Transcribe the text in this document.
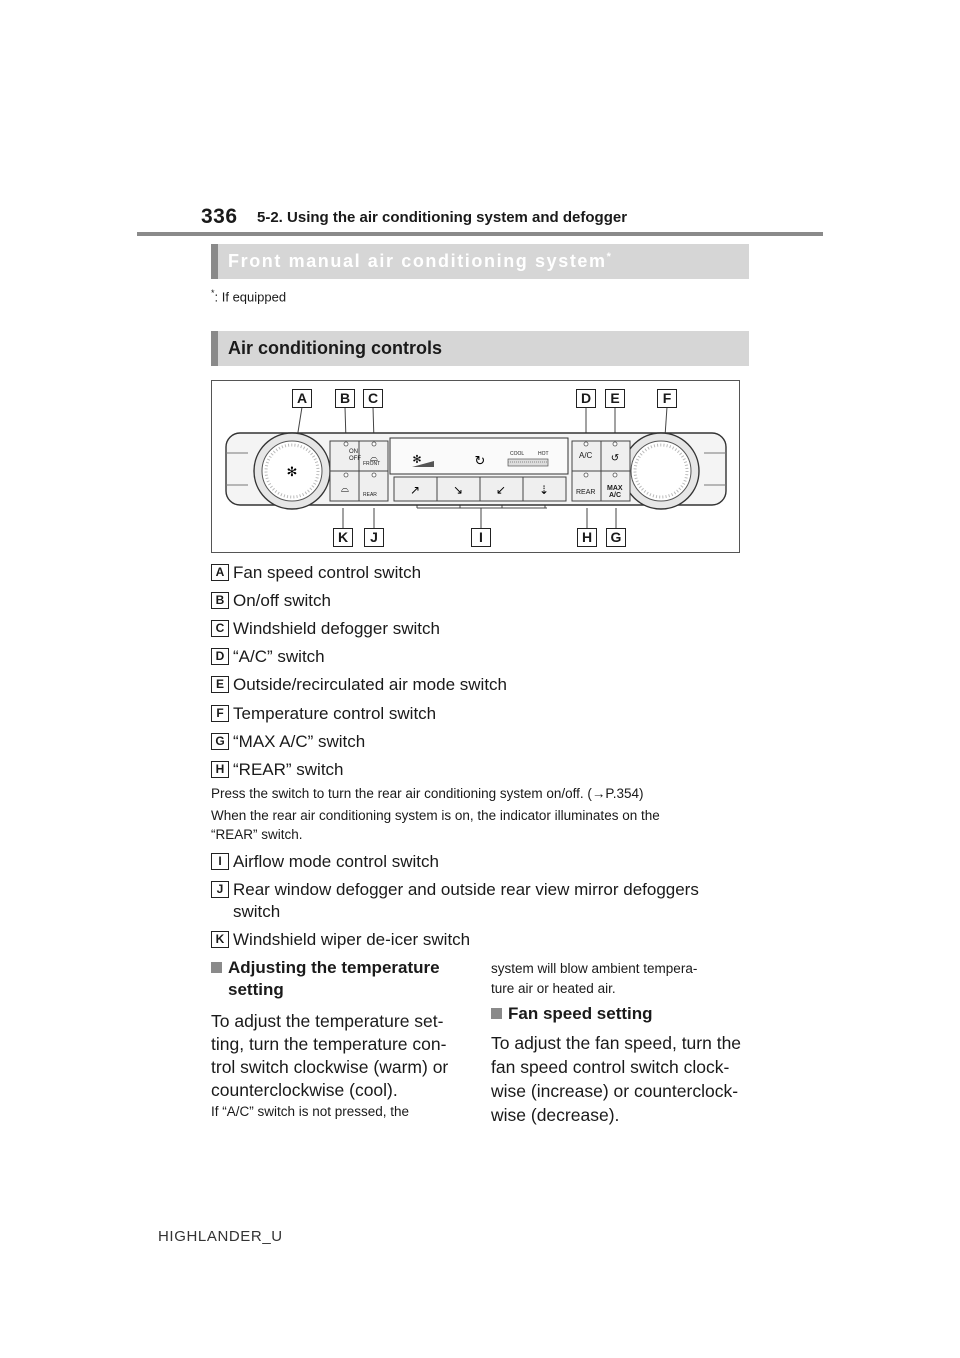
336 5-2. Using the air conditioning system and defogger
Front manual air conditioning system*
*: If equipped
Air conditioning controls
✻
✻	↻
↗	↘	↙	⇣
⌓
⌓	↺
ON
OFF
FRONT
REAR
COOL	HOT	A/C
REAR
MAX
A/C
A	B	C	D	E	F
K	J	I	H	G
A Fan speed control switch
B On/off switch
C Windshield defogger switch
D “A/C” switch
E Outside/recirculated air mode switch
F Temperature control switch
G “MAX A/C” switch
H “REAR” switch
Press the switch to turn the rear air conditioning system on/off. (→P.354)
When the rear air conditioning system is on, the indicator illuminates on the
“REAR” switch.
I Airflow mode control switch
J Rear window defogger and outside rear view mirror defoggers
switch
K Windshield wiper de-icer switch
Adjusting the temperature
setting
To adjust the temperature set-
ting, turn the temperature con-
trol switch clockwise (warm) or
counterclockwise (cool).
If “A/C” switch is not pressed, the
system will blow ambient tempera-
ture air or heated air.
Fan speed setting
To adjust the fan speed, turn the
fan speed control switch clock-
wise (increase) or counterclock-
wise (decrease).
HIGHLANDER_U
